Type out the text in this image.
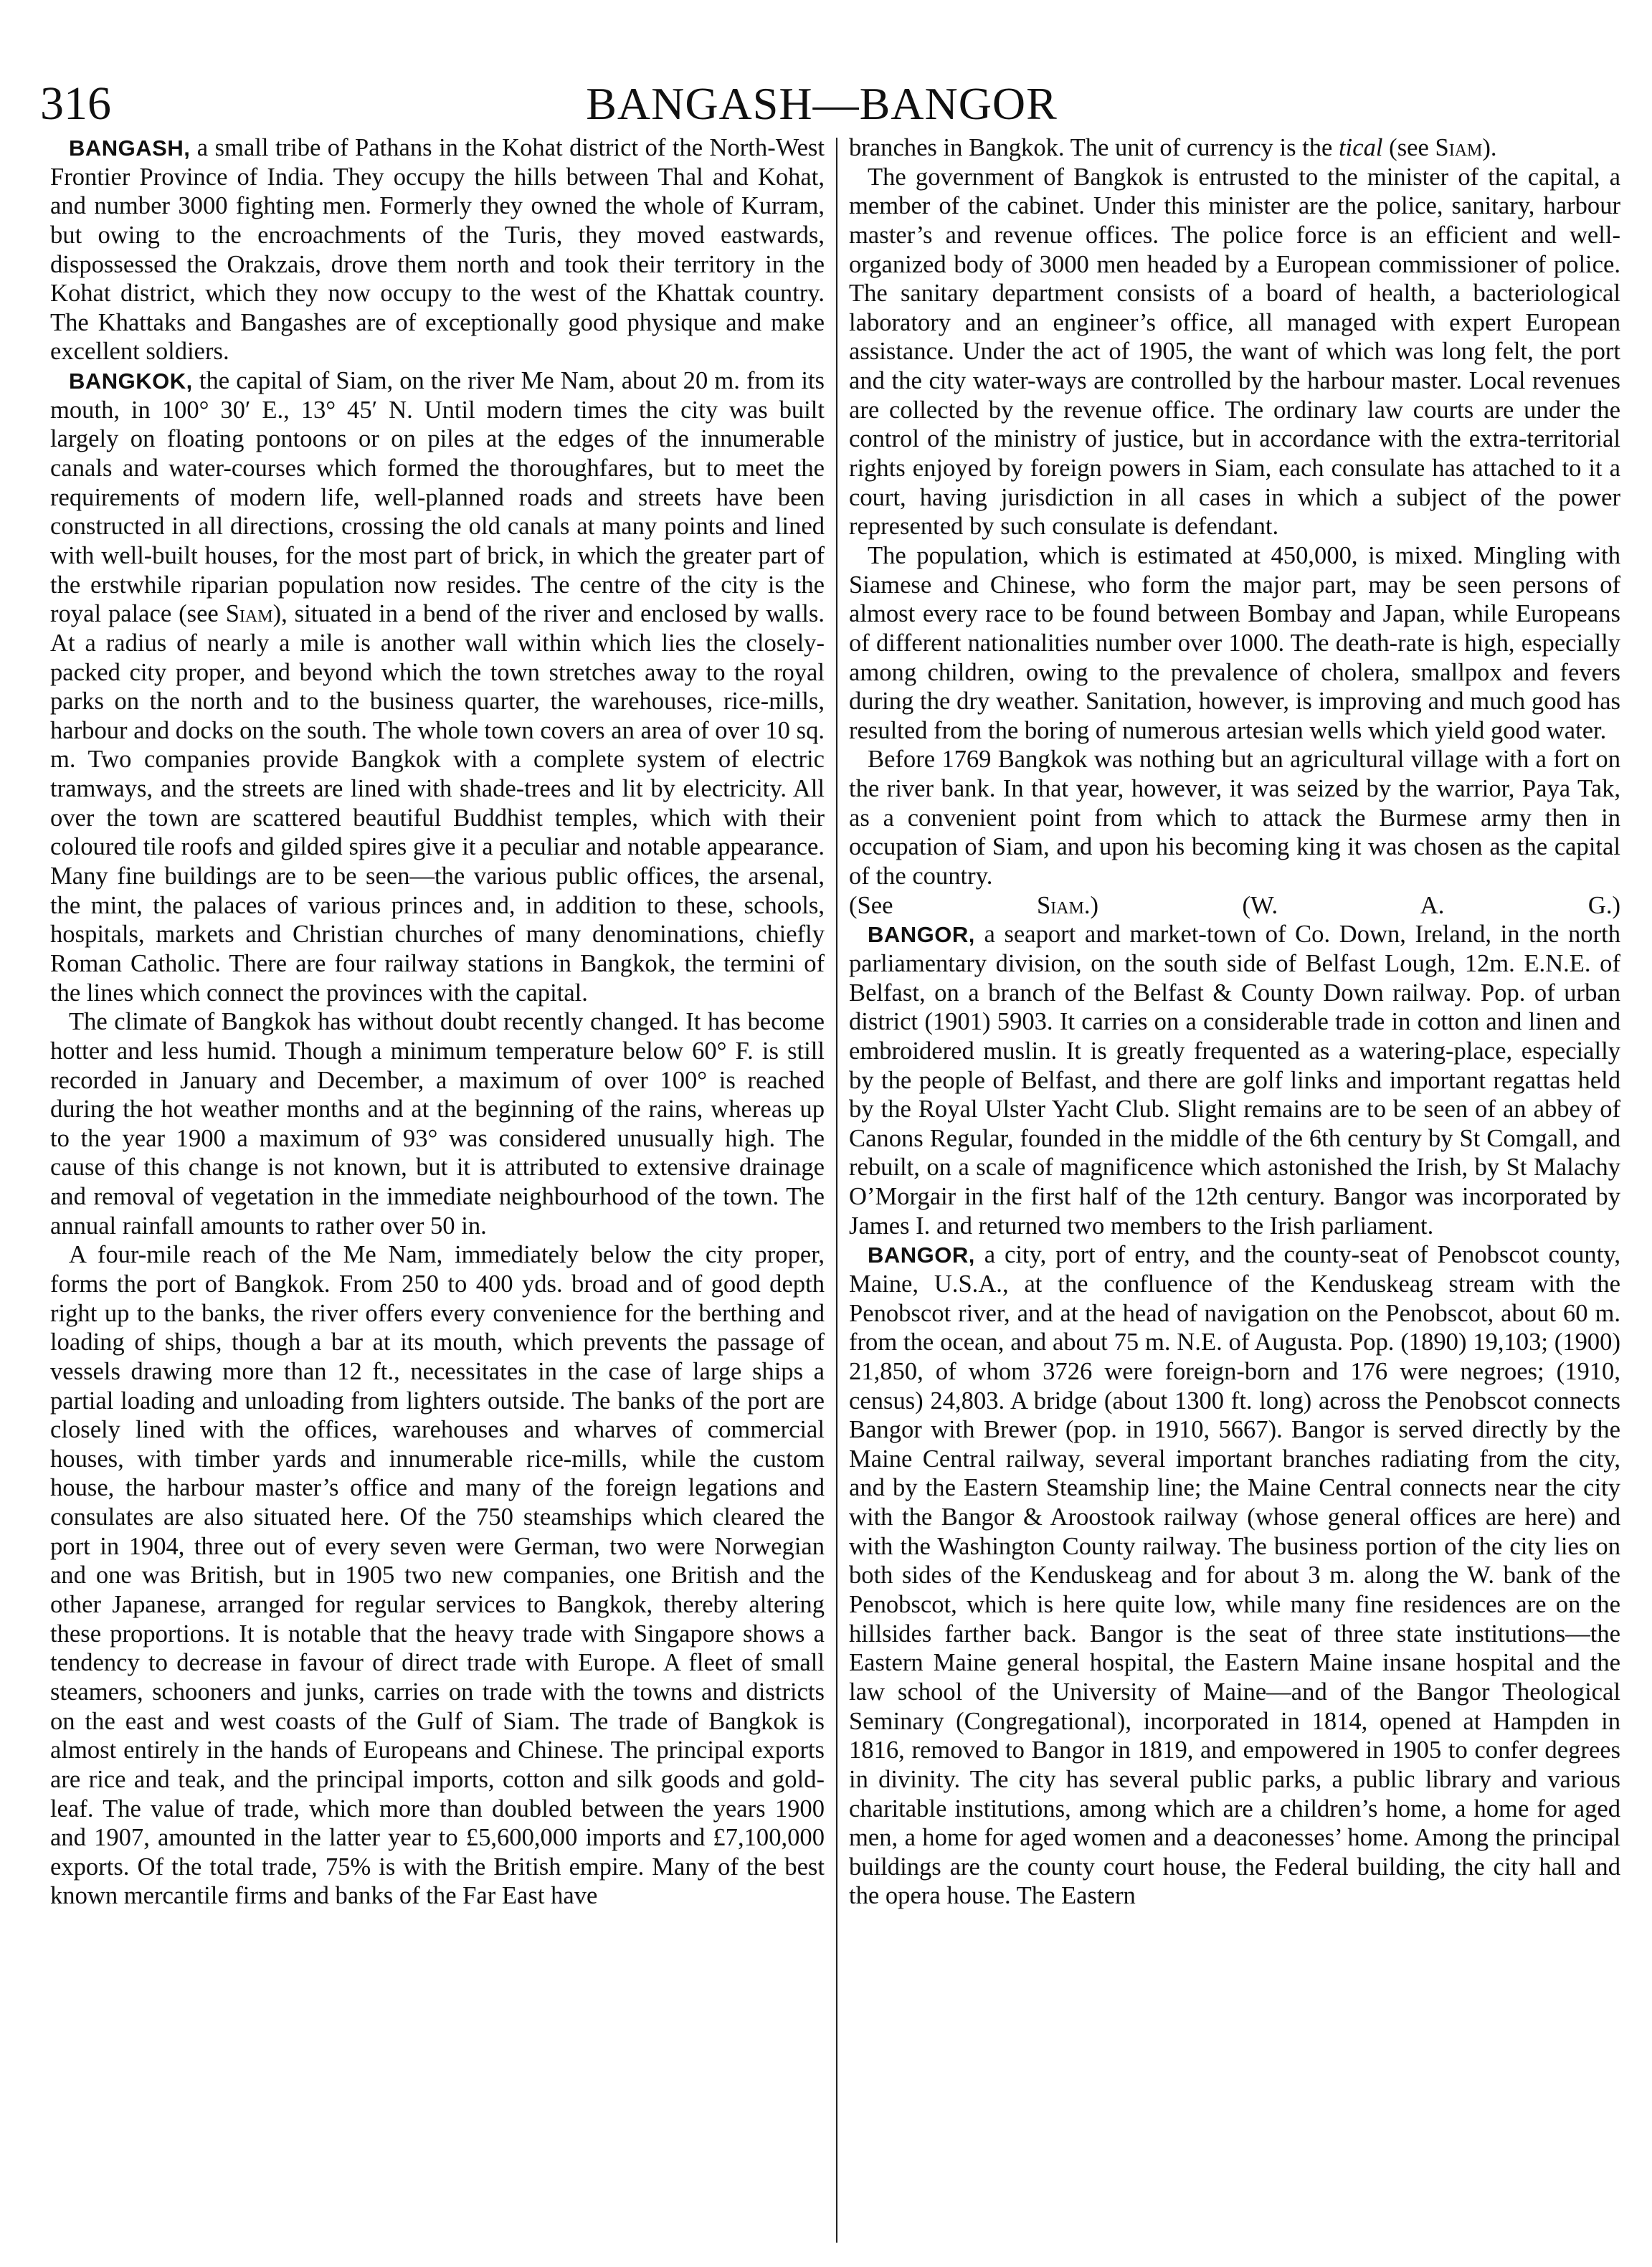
316	BANGASH—BANGOR

BANGASH, a small tribe of Pathans in the Kohat district of the North-West Frontier Province of India. They occupy the hills between Thal and Kohat, and number 3000 fighting men. Formerly they owned the whole of Kurram, but owing to the encroachments of the Turis, they moved eastwards, dispossessed the Orakzais, drove them north and took their territory in the Kohat district, which they now occupy to the west of the Khattak country. The Khattaks and Bangashes are of exceptionally good physique and make excellent soldiers.

BANGKOK, the capital of Siam, on the river Me Nam, about 20 m. from its mouth, in 100° 30′ E., 13° 45′ N. Until modern times the city was built largely on floating pontoons or on piles at the edges of the innumerable canals and water-courses which formed the thoroughfares, but to meet the requirements of modern life, well-planned roads and streets have been constructed in all directions, crossing the old canals at many points and lined with well-built houses, for the most part of brick, in which the greater part of the erstwhile riparian population now resides. The centre of the city is the royal palace (see Siam), situated in a bend of the river and enclosed by walls. At a radius of nearly a mile is another wall within which lies the closely-packed city proper, and beyond which the town stretches away to the royal parks on the north and to the business quarter, the warehouses, rice-mills, harbour and docks on the south. The whole town covers an area of over 10 sq. m. Two companies provide Bangkok with a complete system of electric tramways, and the streets are lined with shade-trees and lit by electricity. All over the town are scattered beautiful Buddhist temples, which with their coloured tile roofs and gilded spires give it a peculiar and notable appearance. Many fine buildings are to be seen—the various public offices, the arsenal, the mint, the palaces of various princes and, in addition to these, schools, hospitals, markets and Christian churches of many denominations, chiefly Roman Catholic. There are four railway stations in Bangkok, the termini of the lines which connect the provinces with the capital.

The climate of Bangkok has without doubt recently changed. It has become hotter and less humid. Though a minimum temperature below 60° F. is still recorded in January and December, a maximum of over 100° is reached during the hot weather months and at the beginning of the rains, whereas up to the year 1900 a maximum of 93° was considered unusually high. The cause of this change is not known, but it is attributed to extensive drainage and removal of vegetation in the immediate neighbourhood of the town. The annual rainfall amounts to rather over 50 in.

A four-mile reach of the Me Nam, immediately below the city proper, forms the port of Bangkok. From 250 to 400 yds. broad and of good depth right up to the banks, the river offers every convenience for the berthing and loading of ships, though a bar at its mouth, which prevents the passage of vessels drawing more than 12 ft., necessitates in the case of large ships a partial loading and unloading from lighters outside. The banks of the port are closely lined with the offices, warehouses and wharves of commercial houses, with timber yards and innumerable rice-mills, while the custom house, the harbour master’s office and many of the foreign legations and consulates are also situated here. Of the 750 steamships which cleared the port in 1904, three out of every seven were German, two were Norwegian and one was British, but in 1905 two new companies, one British and the other Japanese, arranged for regular services to Bangkok, thereby altering these proportions. It is notable that the heavy trade with Singapore shows a tendency to decrease in favour of direct trade with Europe. A fleet of small steamers, schooners and junks, carries on trade with the towns and districts on the east and west coasts of the Gulf of Siam. The trade of Bangkok is almost entirely in the hands of Europeans and Chinese. The principal exports are rice and teak, and the principal imports, cotton and silk goods and gold-leaf. The value of trade, which more than doubled between the years 1900 and 1907, amounted in the latter year to £5,600,000 imports and £7,100,000 exports. Of the total trade, 75% is with the British empire. Many of the best known mercantile firms and banks of the Far East have

branches in Bangkok. The unit of currency is the tical (see Siam).

The government of Bangkok is entrusted to the minister of the capital, a member of the cabinet. Under this minister are the police, sanitary, harbour master’s and revenue offices. The police force is an efficient and well-organized body of 3000 men headed by a European commissioner of police. The sanitary department consists of a board of health, a bacteriological laboratory and an engineer’s office, all managed with expert European assistance. Under the act of 1905, the want of which was long felt, the port and the city water-ways are controlled by the harbour master. Local revenues are collected by the revenue office. The ordinary law courts are under the control of the ministry of justice, but in accordance with the extra-territorial rights enjoyed by foreign powers in Siam, each consulate has attached to it a court, having jurisdiction in all cases in which a subject of the power represented by such consulate is defendant.

The population, which is estimated at 450,000, is mixed. Mingling with Siamese and Chinese, who form the major part, may be seen persons of almost every race to be found between Bombay and Japan, while Europeans of different nationalities number over 1000. The death-rate is high, especially among children, owing to the prevalence of cholera, smallpox and fevers during the dry weather. Sanitation, however, is improving and much good has resulted from the boring of numerous artesian wells which yield good water.

Before 1769 Bangkok was nothing but an agricultural village with a fort on the river bank. In that year, however, it was seized by the warrior, Paya Tak, as a convenient point from which to attack the Burmese army then in occupation of Siam, and upon his becoming king it was chosen as the capital of the country.

(See Siam.)	(W. A. G.)

BANGOR, a seaport and market-town of Co. Down, Ireland, in the north parliamentary division, on the south side of Belfast Lough, 12m. E.N.E. of Belfast, on a branch of the Belfast & County Down railway. Pop. of urban district (1901) 5903. It carries on a considerable trade in cotton and linen and embroidered muslin. It is greatly frequented as a watering-place, especially by the people of Belfast, and there are golf links and important regattas held by the Royal Ulster Yacht Club. Slight remains are to be seen of an abbey of Canons Regular, founded in the middle of the 6th century by St Comgall, and rebuilt, on a scale of magnificence which astonished the Irish, by St Malachy O’Morgair in the first half of the 12th century. Bangor was incorporated by James I. and returned two members to the Irish parliament.

BANGOR, a city, port of entry, and the county-seat of Penobscot county, Maine, U.S.A., at the confluence of the Kenduskeag stream with the Penobscot river, and at the head of navigation on the Penobscot, about 60 m. from the ocean, and about 75 m. N.E. of Augusta. Pop. (1890) 19,103; (1900) 21,850, of whom 3726 were foreign-born and 176 were negroes; (1910, census) 24,803. A bridge (about 1300 ft. long) across the Penobscot connects Bangor with Brewer (pop. in 1910, 5667). Bangor is served directly by the Maine Central railway, several important branches radiating from the city, and by the Eastern Steamship line; the Maine Central connects near the city with the Bangor & Aroostook railway (whose general offices are here) and with the Washington County railway. The business portion of the city lies on both sides of the Kenduskeag and for about 3 m. along the W. bank of the Penobscot, which is here quite low, while many fine residences are on the hillsides farther back. Bangor is the seat of three state institutions—the Eastern Maine general hospital, the Eastern Maine insane hospital and the law school of the University of Maine—and of the Bangor Theological Seminary (Congregational), incorporated in 1814, opened at Hampden in 1816, removed to Bangor in 1819, and empowered in 1905 to confer degrees in divinity. The city has several public parks, a public library and various charitable institutions, among which are a children’s home, a home for aged men, a home for aged women and a deaconesses’ home. Among the principal buildings are the county court house, the Federal building, the city hall and the opera house. The Eastern
